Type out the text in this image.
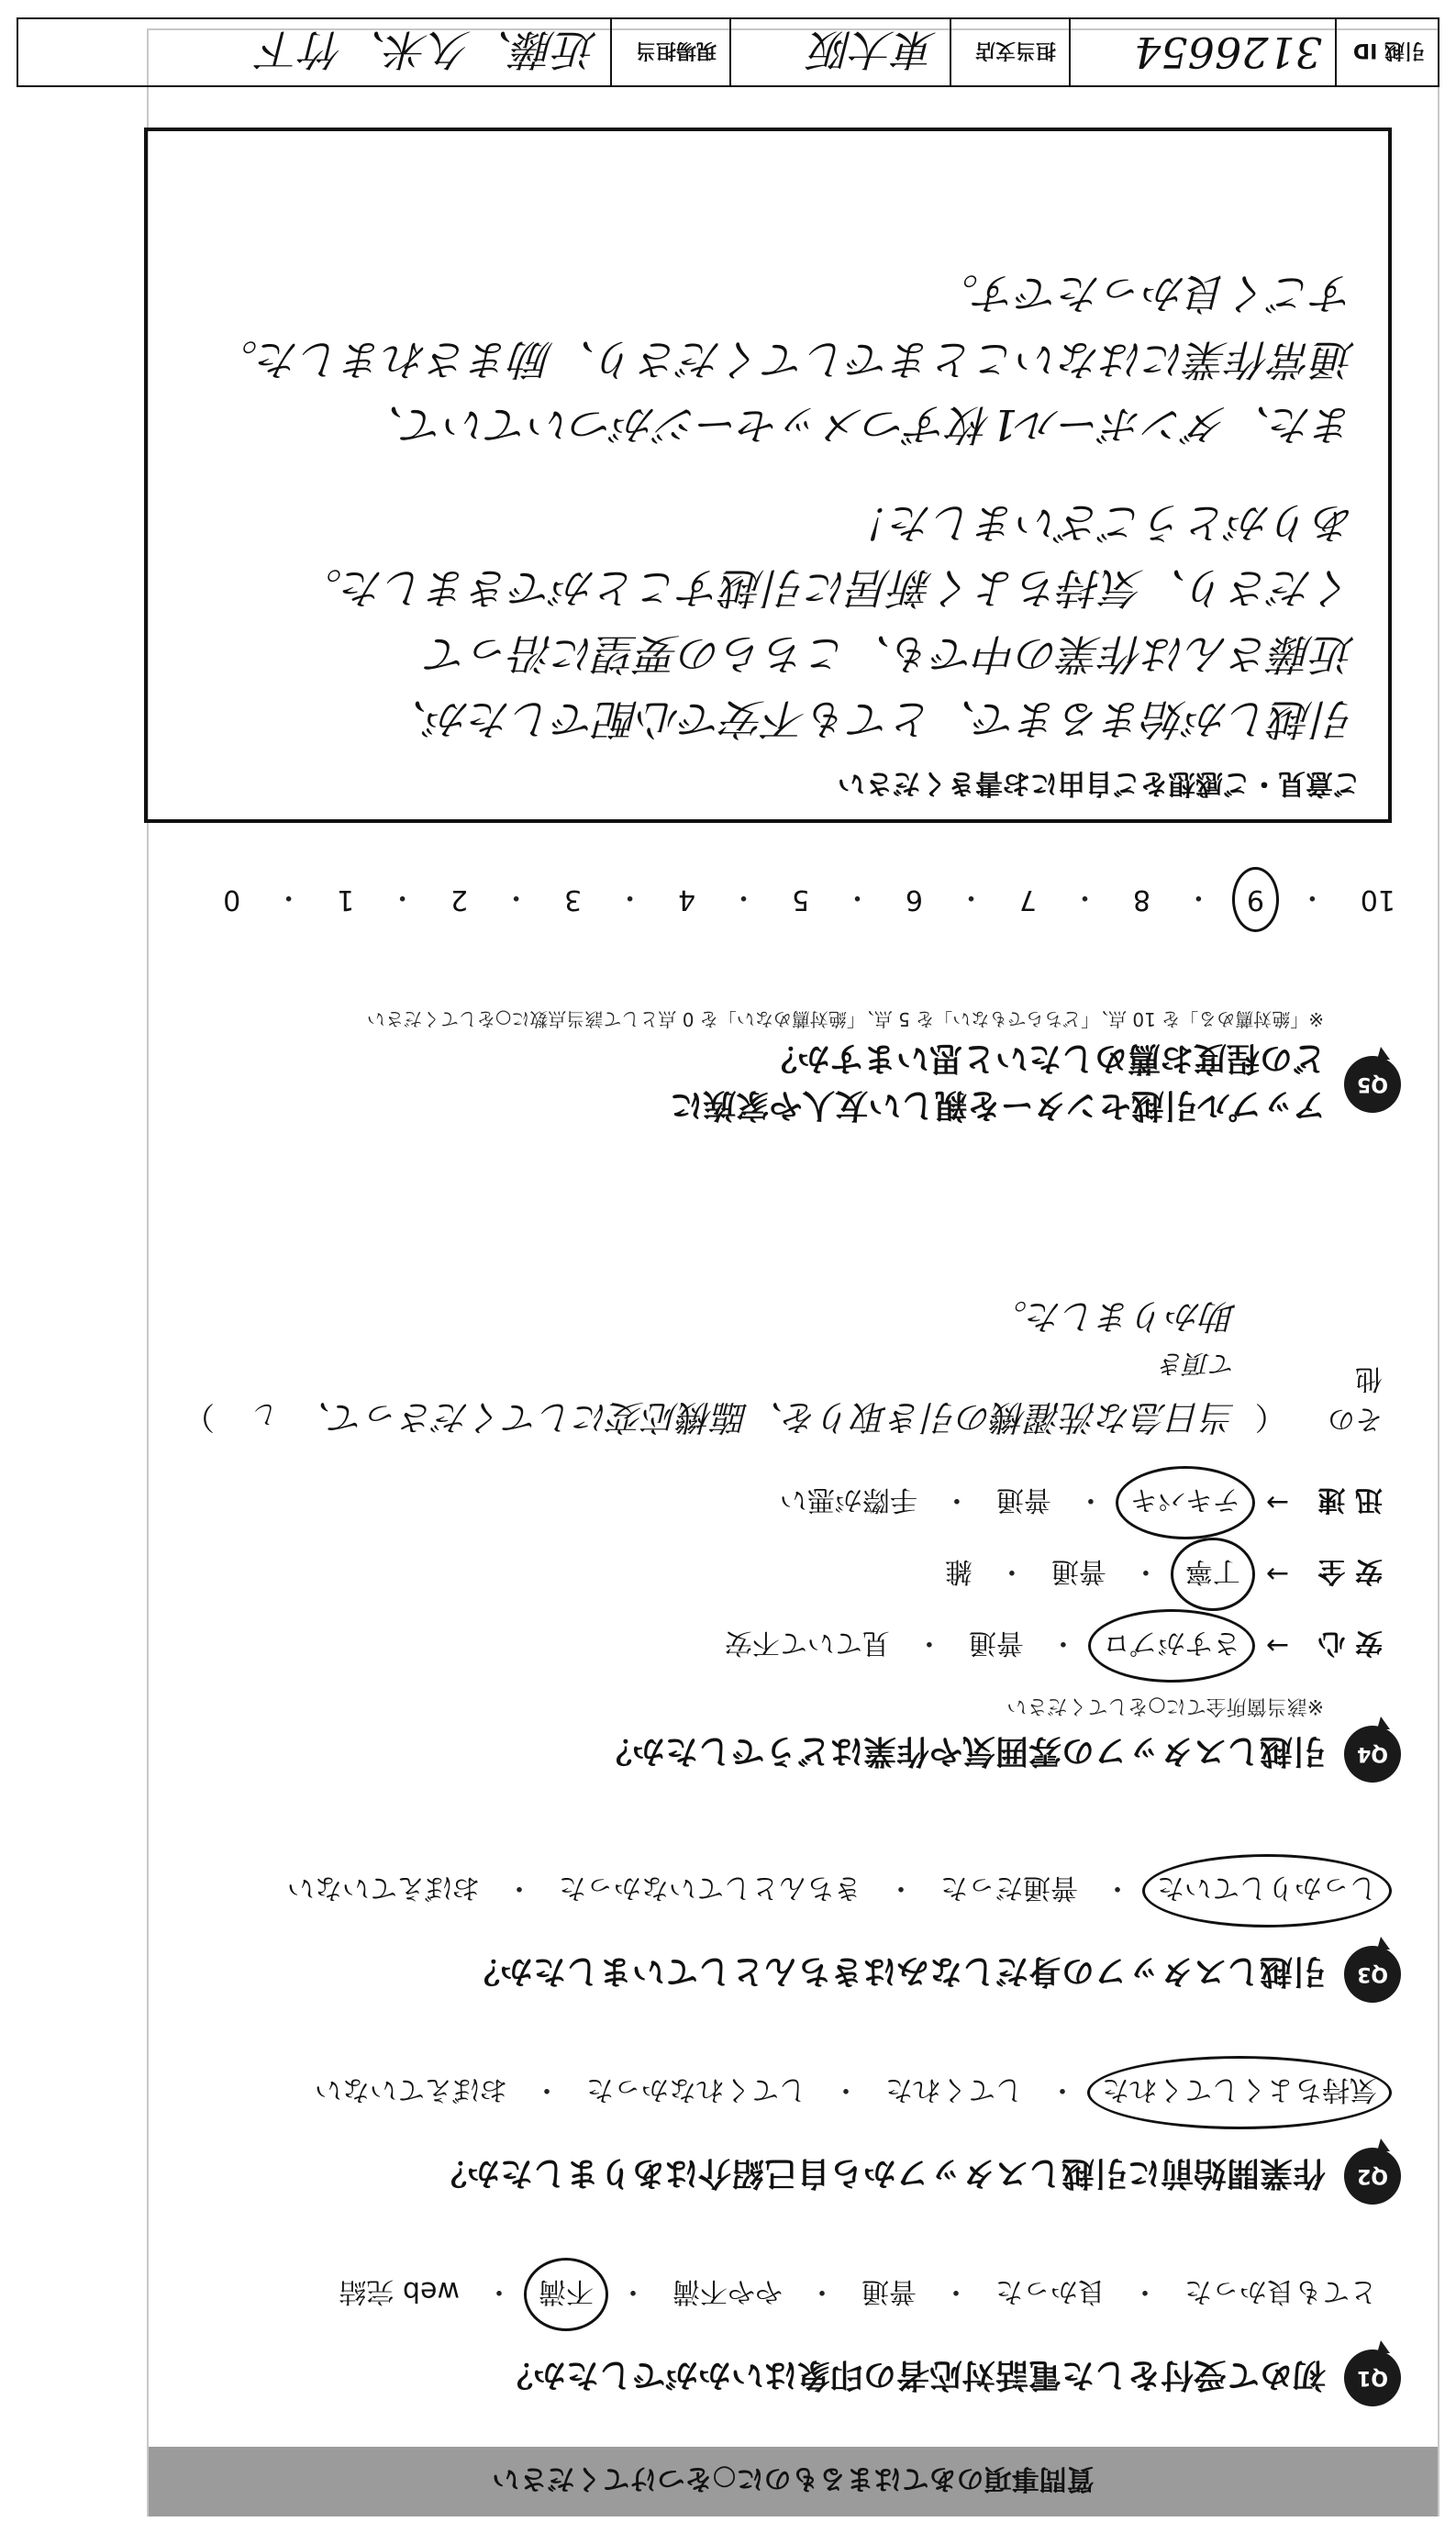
質問事項のあてはまるものに○をつけてください
Q1
初めて受付をした電話対応者の印象はいかがでしたか？
とても良かった
・
良かった
・
普通
・
やや不満
・
不満
・
web 完結
Q2
作業開始前に引越しスタッフから自己紹介はありましたか？
気持ちよくしてくれた
・
してくれた
・
してくれなかった
・
おぼえていない
Q3
引越しスタッフの身だしなみはきちんとしていましたか？
しっかりしていた
・
普通だった
・
きちんとしていなかった
・
おぼえていない
Q4
引越しスタッフの雰囲気や作業はどうでしたか？
※該当箇所全てに○をしてください
安 心
→
さすがプロ
・
普通
・
見ていて不安
安 全
→
丁寧
・
普通
・
雑
迅 速
→
テキパキ
・
普通
・
手際が悪い
その他
（
当日急な洗濯機の引き取りを、臨機応変にしてくださって、 して頂き
助かりました。
）
Q5
アップル引越センターを親しい友人や家族に
どの程度お薦めしたいと思いますか？
※「絶対薦める」を 10 点、「どちらでもない」を 5 点、「絶対薦めない」を 0 点として該当点数に○をしてください
10
・
9
・
8
・
7
・
6
・
5
・
4
・
3
・
2
・
1
・
0
ご意見・ご感想をご自由にお書きください
引越しが始まるまで、とても不安で心配でしたが、
近藤さんは作業の中でも、こちらの要望に沿って
くださり、気持ちよく新居に引越すことができました。
ありがとうございました！
また、ダンボール1枚ずつメッセージがついていて、
通常作業にはないことまでしてくださり、励まされました。
すごく良かったです。
引越 ID
3126654
担当支店
東大阪
現場担当
近藤、久米、竹下
